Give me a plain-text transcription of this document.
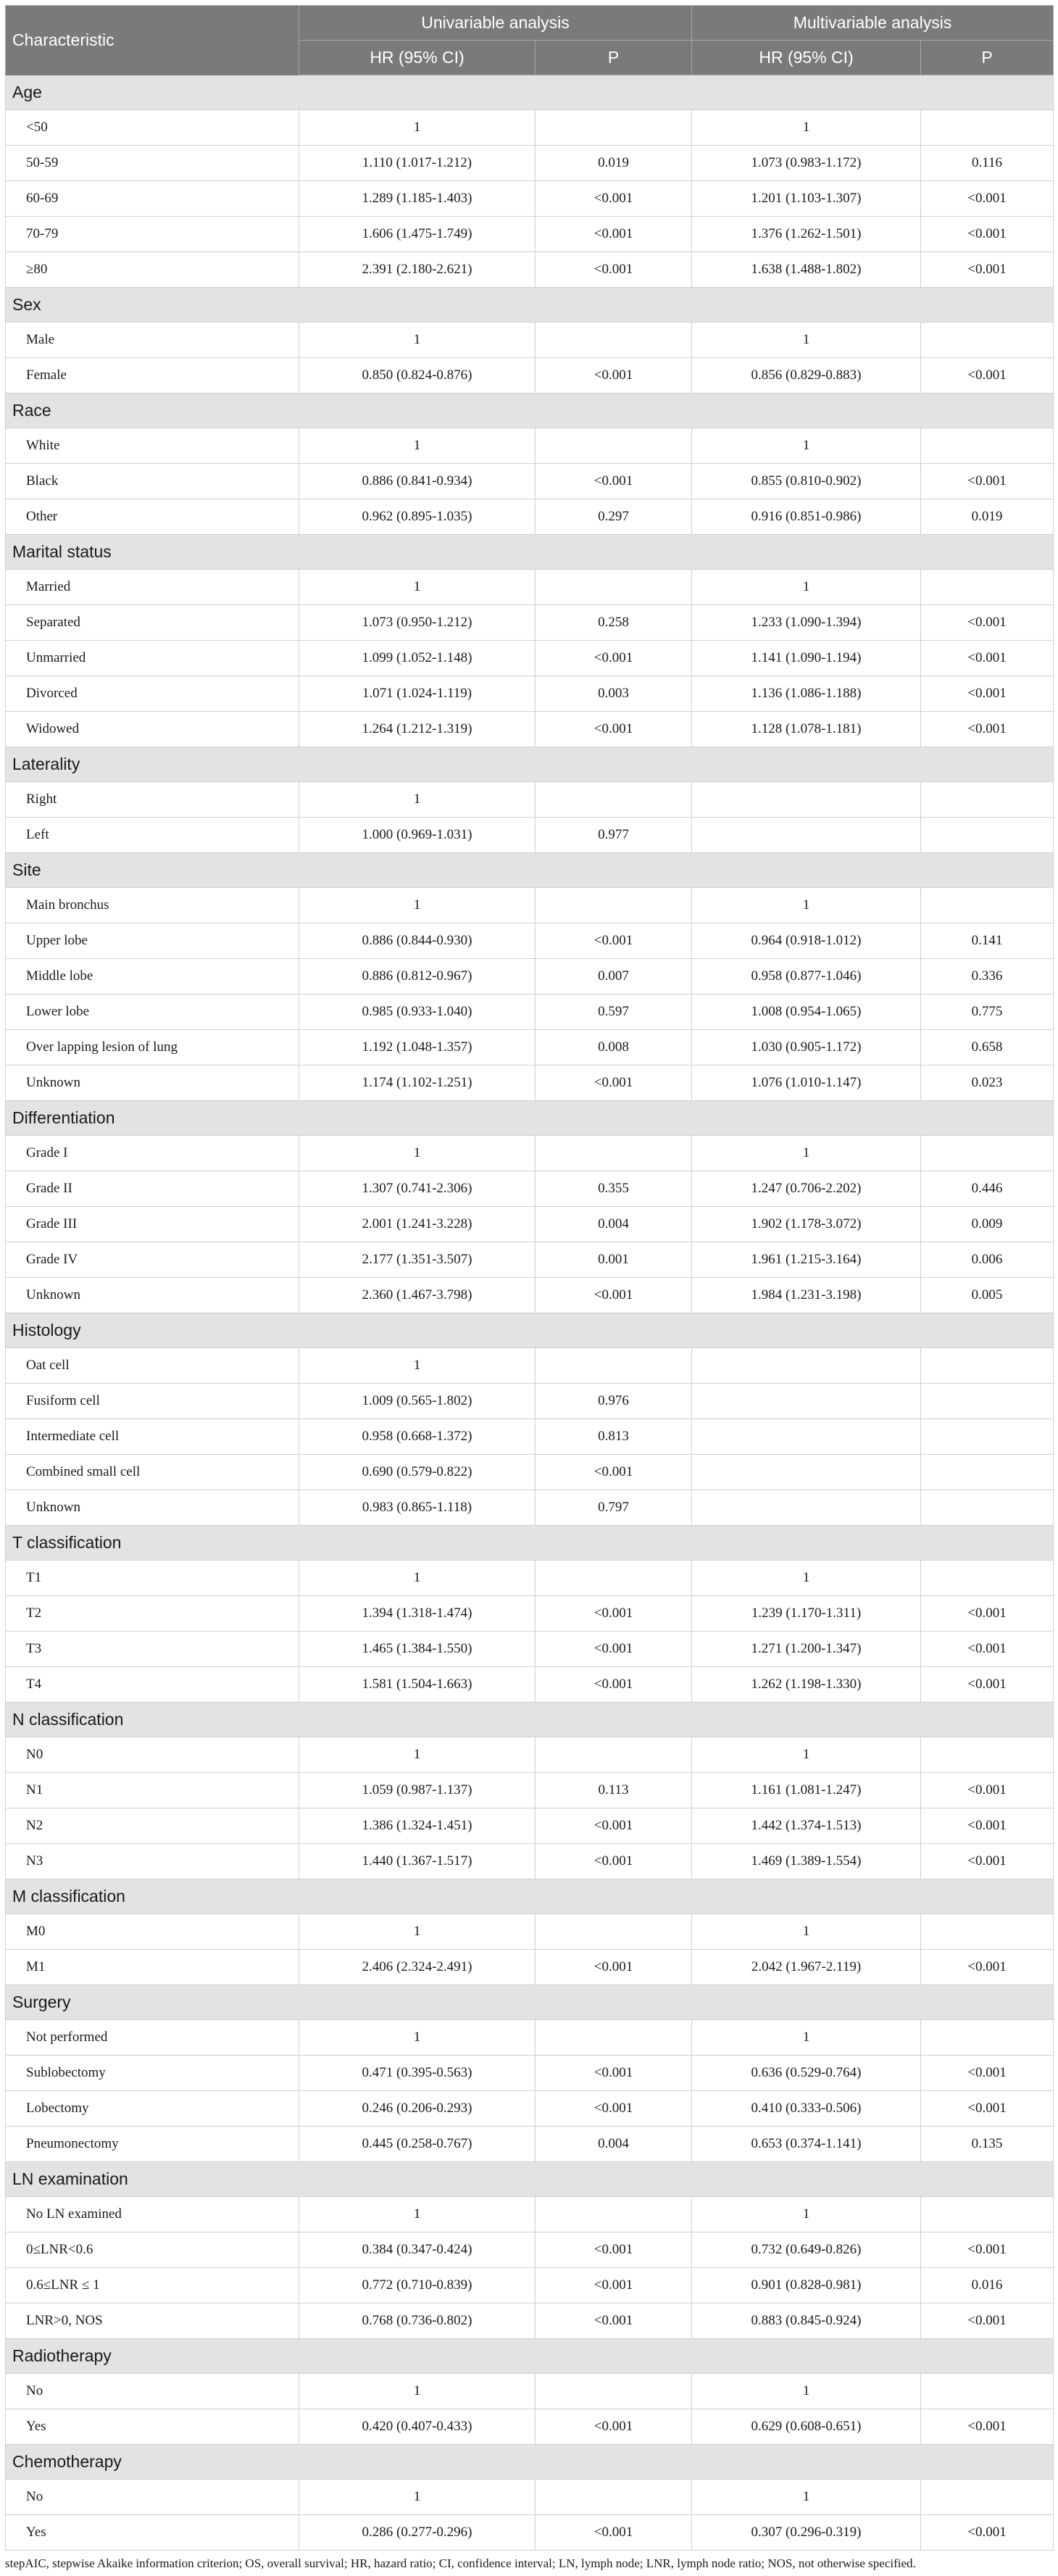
Characteristic	Univariable analysis		Multivariable analysis	
	HR (95% CI)	P	HR (95% CI)	P
Age				
<50	1		1	
50-59	1.110 (1.017-1.212)	0.019	1.073 (0.983-1.172)	0.116
60-69	1.289 (1.185-1.403)	<0.001	1.201 (1.103-1.307)	<0.001
70-79	1.606 (1.475-1.749)	<0.001	1.376 (1.262-1.501)	<0.001
≥80	2.391 (2.180-2.621)	<0.001	1.638 (1.488-1.802)	<0.001
Sex				
Male	1		1	
Female	0.850 (0.824-0.876)	<0.001	0.856 (0.829-0.883)	<0.001
Race				
White	1		1	
Black	0.886 (0.841-0.934)	<0.001	0.855 (0.810-0.902)	<0.001
Other	0.962 (0.895-1.035)	0.297	0.916 (0.851-0.986)	0.019
Marital status				
Married	1		1	
Separated	1.073 (0.950-1.212)	0.258	1.233 (1.090-1.394)	<0.001
Unmarried	1.099 (1.052-1.148)	<0.001	1.141 (1.090-1.194)	<0.001
Divorced	1.071 (1.024-1.119)	0.003	1.136 (1.086-1.188)	<0.001
Widowed	1.264 (1.212-1.319)	<0.001	1.128 (1.078-1.181)	<0.001
Laterality				
Right	1			
Left	1.000 (0.969-1.031)	0.977		
Site				
Main bronchus	1		1	
Upper lobe	0.886 (0.844-0.930)	<0.001	0.964 (0.918-1.012)	0.141
Middle lobe	0.886 (0.812-0.967)	0.007	0.958 (0.877-1.046)	0.336
Lower lobe	0.985 (0.933-1.040)	0.597	1.008 (0.954-1.065)	0.775
Over lapping lesion of lung	1.192 (1.048-1.357)	0.008	1.030 (0.905-1.172)	0.658
Unknown	1.174 (1.102-1.251)	<0.001	1.076 (1.010-1.147)	0.023
Differentiation				
Grade I	1		1	
Grade II	1.307 (0.741-2.306)	0.355	1.247 (0.706-2.202)	0.446
Grade III	2.001 (1.241-3.228)	0.004	1.902 (1.178-3.072)	0.009
Grade IV	2.177 (1.351-3.507)	0.001	1.961 (1.215-3.164)	0.006
Unknown	2.360 (1.467-3.798)	<0.001	1.984 (1.231-3.198)	0.005
Histology				
Oat cell	1			
Fusiform cell	1.009 (0.565-1.802)	0.976		
Intermediate cell	0.958 (0.668-1.372)	0.813		
Combined small cell	0.690 (0.579-0.822)	<0.001		
Unknown	0.983 (0.865-1.118)	0.797		
T classification				
T1	1		1	
T2	1.394 (1.318-1.474)	<0.001	1.239 (1.170-1.311)	<0.001
T3	1.465 (1.384-1.550)	<0.001	1.271 (1.200-1.347)	<0.001
T4	1.581 (1.504-1.663)	<0.001	1.262 (1.198-1.330)	<0.001
N classification				
N0	1		1	
N1	1.059 (0.987-1.137)	0.113	1.161 (1.081-1.247)	<0.001
N2	1.386 (1.324-1.451)	<0.001	1.442 (1.374-1.513)	<0.001
N3	1.440 (1.367-1.517)	<0.001	1.469 (1.389-1.554)	<0.001
M classification				
M0	1		1	
M1	2.406 (2.324-2.491)	<0.001	2.042 (1.967-2.119)	<0.001
Surgery				
Not performed	1		1	
Sublobectomy	0.471 (0.395-0.563)	<0.001	0.636 (0.529-0.764)	<0.001
Lobectomy	0.246 (0.206-0.293)	<0.001	0.410 (0.333-0.506)	<0.001
Pneumonectomy	0.445 (0.258-0.767)	0.004	0.653 (0.374-1.141)	0.135
LN examination				
No LN examined	1		1	
0≤LNR<0.6	0.384 (0.347-0.424)	<0.001	0.732 (0.649-0.826)	<0.001
0.6≤LNR ≤ 1	0.772 (0.710-0.839)	<0.001	0.901 (0.828-0.981)	0.016
LNR>0, NOS	0.768 (0.736-0.802)	<0.001	0.883 (0.845-0.924)	<0.001
Radiotherapy				
No	1		1	
Yes	0.420 (0.407-0.433)	<0.001	0.629 (0.608-0.651)	<0.001
Chemotherapy				
No	1		1	
Yes	0.286 (0.277-0.296)	<0.001	0.307 (0.296-0.319)	<0.001
stepAIC, stepwise Akaike information criterion; OS, overall survival; HR, hazard ratio; CI, confidence interval; LN, lymph node; LNR, lymph node ratio; NOS, not otherwise specified.
